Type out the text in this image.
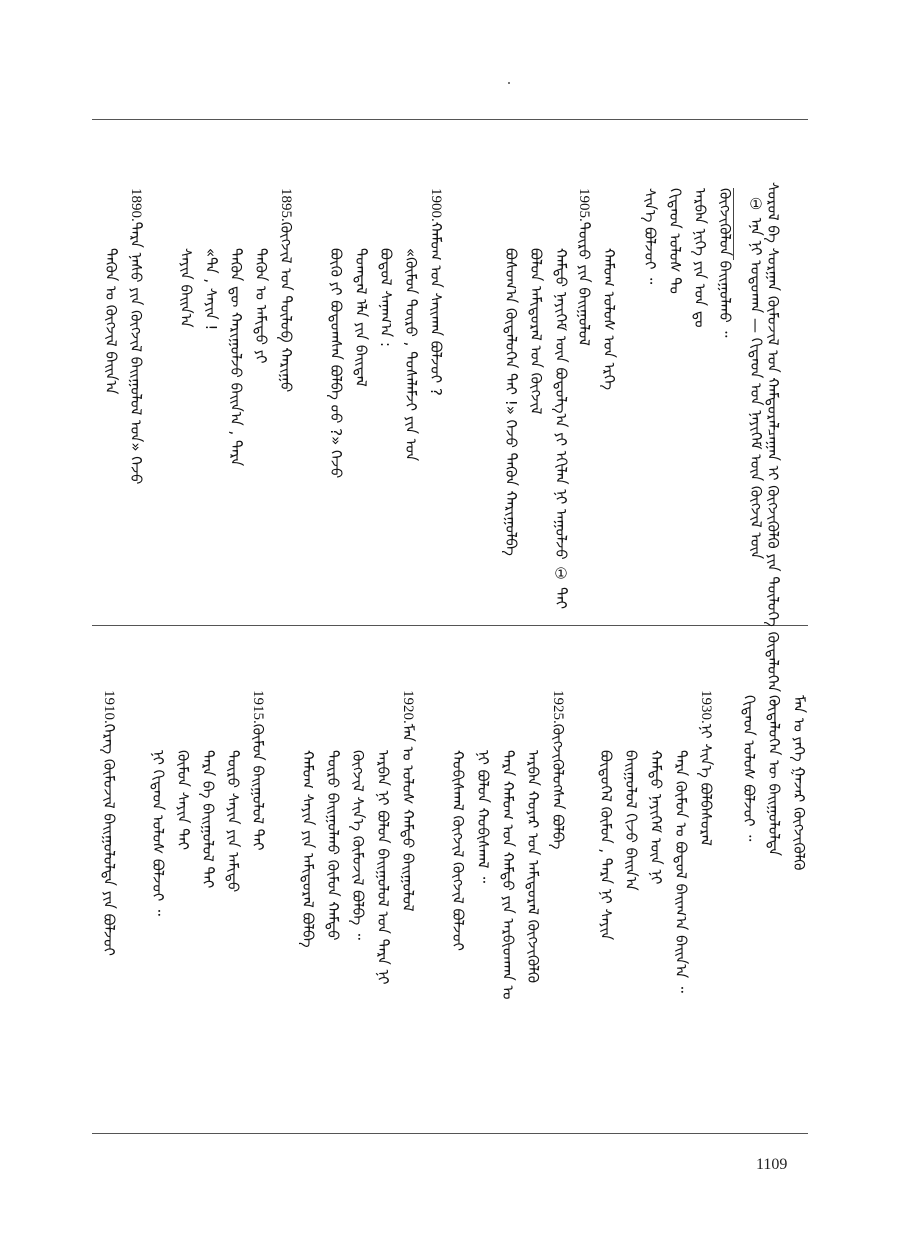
ᠰᠤᠷᠤᠯ ᠪᠠ ᠰᠤᠷᠭᠠᠨ ᠬᠦᠮᠦᠵᠢᠯ ᠤᠨ ᠬᠠᠮᠲᠤᠷᠠᠯᠴᠠᠭᠠᠨ ᠢ ᠬᠦᠭᠵᠢᠭᠦᠯᠬᠦ ᠶᠢᠨ ᠲᠥᠯᠦᠭᠡ ᠬᠥᠳᠡᠯᠦᠭᠡᠨ ᠃
① ᠡᠨᠡ ᠨᠢ ᠤᠳᠤᠬᠠᠨ — ᠬᠢᠲᠠᠳ ᠤᠨ ᠨᠡᠶᠢᠭᠡᠮ ᠦᠨ ᠬᠥᠭᠵᠢᠯ ᠦᠨ
ᠬᠥᠭᠵᠢᠭᠦᠯᠦᠨ ᠪᠠᠢᠭᠤᠯᠬᠤ ᠃
ᠠᠷᠪᠠᠨ ᠨᠢᠭᠡ ᠶᠢᠨ ᠣᠨ ᠳᠤ
ᠬᠢᠲᠠᠳ ᠤᠯᠤᠰ ᠲᠤ
ᠰᠢᠨ᠎ᠡ ᠪᠣᠯᠵᠣᠢ ᠃
1905.ᠲᠥᠷᠦ ᠶᠢᠨ ᠪᠠᠢᠭᠤᠯᠤᠯ ᠬᠠᠮᠤᠭ ᠤᠯᠤᠰ ᠤᠨ ᠡᠷᠬᠡ
ᠬᠠᠮᠲᠤ ᠨᠡᠶᠢᠭᠡᠮ ᠦᠨ ᠪᠣᠳᠣᠯᠭ᠎ᠠ ᠶᠢ ᠡᠬᠢᠯᠡᠨ ᠨᠢ ᠠᠭᠤᠯᠵᠤ ① ᠲᠠᠢ
ᠪᠣᠯᠤᠨ ᠠᠮᠢᠳᠤᠷᠠᠯ ᠤᠨ ᠬᠥᠭᠵᠢᠯ
ᠪᠣᠰᠤᠭ᠎ᠠ ᠬᠥᠳᠡᠯᠦᠭᠡᠨ ᠲᠠᠢ !» ᠭᠡᠵᠦ ᠲᠡᠭᠦᠨ ᠬᠠᠷᠢᠭᠤᠯᠪᠠ
1900.ᠬᠠᠮᠤᠭ ᠤᠨ ᠰᠠᠢᠬᠠᠨ ᠪᠣᠯᠵᠣᠢ ?
«ᠬᠦᠮᠦᠨ ᠲᠥᠷᠦ , ᠲᠤᠰᠠᠯᠠᠮᠵᠢ ᠶᠢᠨ ᠤᠨ
ᠪᠣᠳᠣᠯ ᠰᠠᠨᠠᠭ᠎ᠠ :
ᠲᠣᠭᠲᠠᠯ ᠡᠯᠡ ᠶᠢᠨ ᠪᠠᠢᠳᠠᠯ
ᠪᠦᠬᠦ ᠶᠢ ᠪᠣᠳᠣᠭᠰᠠᠨ ᠪᠣᠯᠪᠠ ᠤᠤ ?» ᠭᠡᠵᠦ
1895.ᠬᠥᠭᠵᠢᠯ ᠤᠨ ᠲᠥᠯᠦᠪ ᠬᠠᠷᠢᠭᠤ
ᠲᠡᠭᠦᠨ ᠤ ᠠᠮᠢᠳᠤ ᠶᠢ
ᠲᠡᠭᠦᠨ ᠳᠦ ᠬᠠᠷᠢᠭᠤᠯᠵᠤ ᠪᠠᠢᠨ᠎ᠠ , ᠲᠡᠷᠡ
«ᠲᠡ , ᠰᠠᠶᠢᠨ !
ᠰᠠᠶᠢᠨ ᠪᠠᠢᠨ᠎ᠠ
1890.ᠲᠡᠷᠡ ᠨᠠᠰᠤ ᠶᠢᠨ ᠬᠥᠭᠵᠢᠯ ᠪᠠᠢᠭᠤᠯᠤᠯ ᠤᠨ» ᠭᠡᠵᠦ
ᠲᠡᠭᠦᠨ ᠤ ᠬᠥᠭᠵᠢᠯ ᠪᠠᠢᠨ᠎ᠠ
ᠮᠠᠨ ᠤ ᠶᠡᠬᠡ ᠭᠠᠵᠠᠷ ᠬᠥᠭᠵᠢᠭᠦᠯᠬᠦ
ᠬᠥᠳᠡᠯᠦᠭᠡᠨ ᠦ ᠪᠠᠢᠭᠤᠯᠤᠯᠲᠠ
ᠬᠢᠲᠠᠳ ᠤᠯᠤᠰ ᠪᠣᠯᠵᠣᠢ ᠃
1930.ᠨᠢ ᠰᠢᠨ᠎ᠡ ᠪᠣᠯᠪᠠᠰᠤᠷᠠᠯ
ᠲᠡᠷᠡ ᠬᠦᠮᠦᠨ ᠤ ᠪᠣᠳᠣᠯ ᠪᠠᠢᠭ᠎ᠠ ᠪᠠᠢᠨ᠎ᠠ ᠃
ᠬᠠᠮᠲᠤ ᠨᠡᠶᠢᠭᠡᠮ ᠦᠨ ᠨᠢ
ᠪᠠᠢᠭᠤᠯᠤᠯ ᠬᠢᠵᠦ ᠪᠠᠢᠨ᠎ᠠ
ᠪᠦᠲᠦᠭᠡᠯ ᠬᠦᠮᠦᠨ , ᠲᠡᠷᠡ ᠨᠢ ᠰᠠᠶᠢᠨ
1925.ᠬᠥᠭᠵᠢᠭᠦᠯᠦᠭᠰᠡᠨ ᠪᠣᠯᠪᠠ
ᠠᠷᠪᠠᠨ ᠬᠣᠶᠠᠷ ᠤᠨ ᠠᠮᠢᠳᠤᠷᠠᠯ ᠬᠥᠭᠵᠢᠭᠦᠯᠬᠦ
ᠲᠡᠷᠡ ᠬᠠᠮᠤᠭ ᠤᠨ ᠬᠠᠮᠲᠤ ᠶᠢᠨ ᠠᠷᠪᠢᠳᠬᠠᠨ ᠤ
ᠨᠢ ᠪᠣᠯᠤᠨ ᠬᠤᠪᠢᠰᠬᠠᠯ ᠃
ᠬᠤᠪᠢᠰᠬᠠᠯ ᠬᠥᠭᠵᠢᠯ ᠬᠥᠭᠵᠢᠯ ᠪᠣᠯᠵᠣᠢ
1920.ᠮᠠᠨ ᠤ ᠤᠯᠤᠰ ᠬᠠᠮᠲᠤ ᠪᠠᠢᠭᠤᠯᠤᠯ
ᠠᠷᠪᠠᠨ ᠨᠢ ᠪᠣᠯᠤᠨ ᠪᠠᠢᠭᠤᠯᠤᠯ ᠤᠨ ᠲᠡᠷᠡ ᠨᠢ
ᠬᠥᠭᠵᠢᠯ ᠰᠢᠨ᠎ᠡ ᠬᠦᠮᠦᠵᠢᠯ ᠪᠣᠯᠪᠠ ᠃
ᠲᠥᠷᠦ ᠪᠠᠢᠭᠤᠯᠬᠤ ᠬᠦᠮᠦᠨ ᠬᠠᠮᠲᠤ
ᠬᠠᠮᠤᠭ ᠰᠠᠶᠢᠨ ᠶᠢᠨ ᠠᠮᠢᠳᠤᠷᠠᠯ ᠪᠣᠯᠪᠠ
1915.ᠬᠦᠮᠦᠨ ᠪᠠᠢᠭᠤᠯᠤᠯ ᠲᠠᠢ
ᠲᠥᠷᠦ ᠰᠠᠶᠢᠨ ᠶᠢᠨ ᠠᠮᠢᠳᠤ
ᠲᠡᠷᠡ ᠪᠠ ᠪᠠᠢᠭᠤᠯᠤᠯ ᠲᠠᠢ
ᠬᠦᠮᠦᠨ ᠰᠠᠶᠢᠨ ᠲᠠᠢ
ᠨᠢ ᠬᠢᠲᠠᠳ ᠤᠯᠤᠰ ᠪᠣᠯᠵᠣᠢ ᠃
1910.ᠬᠡᠷᠡᠭ ᠬᠦᠮᠦᠵᠢᠯ ᠪᠠᠢᠭᠤᠯᠤᠯᠲᠠ ᠶᠢᠨ ᠪᠣᠯᠵᠣᠢ
1109
